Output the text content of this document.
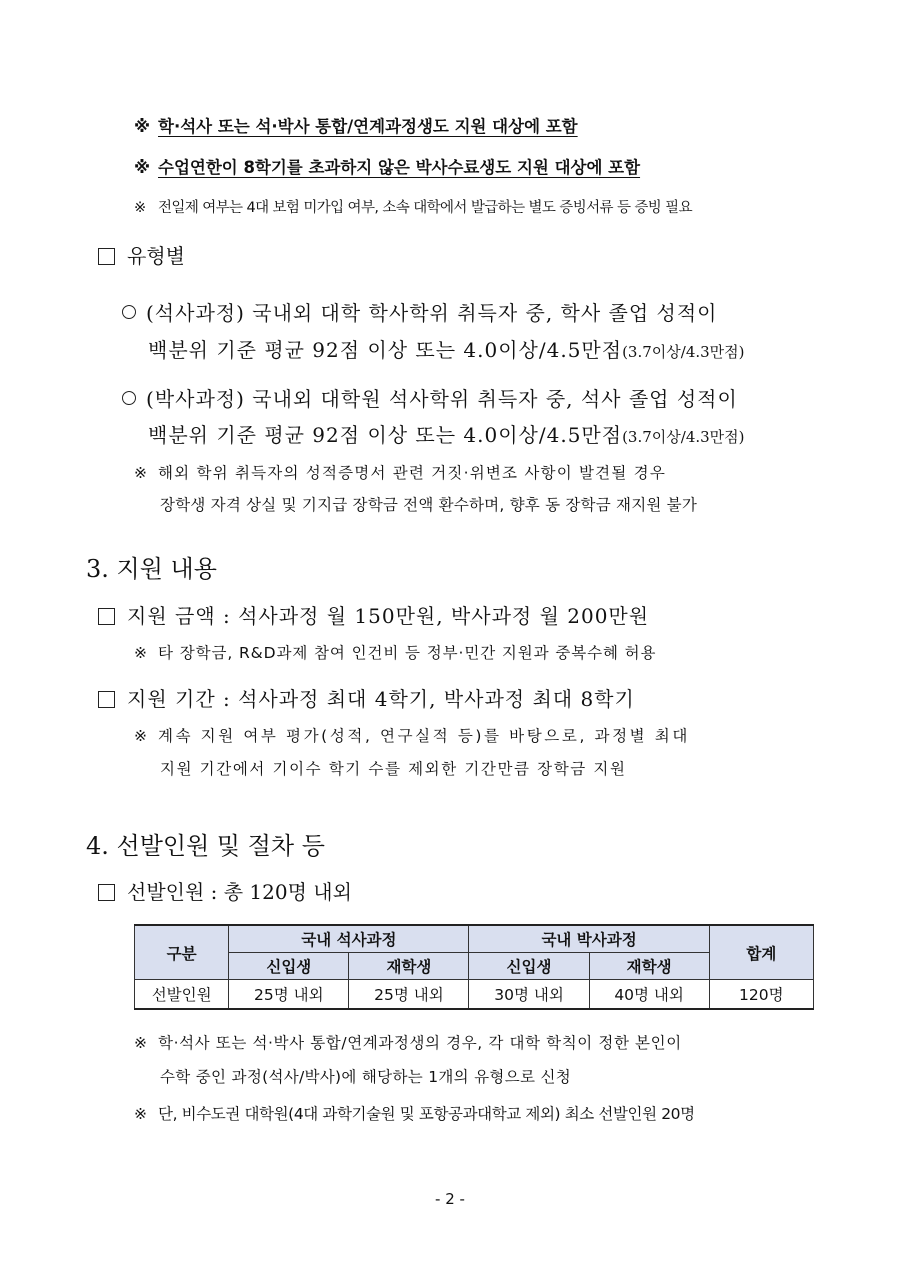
※ 학·석사 또는 석·박사 통합/연계과정생도 지원 대상에 포함
※ 수업연한이 8학기를 초과하지 않은 박사수료생도 지원 대상에 포함
※ 전일제 여부는 4대 보험 미가입 여부, 소속 대학에서 발급하는 별도 증빙서류 등 증빙 필요
유형별
(석사과정) 국내외 대학 학사학위 취득자 중, 학사 졸업 성적이
백분위 기준 평균 92점 이상 또는 4.0이상/4.5만점(3.7이상/4.3만점)
(박사과정) 국내외 대학원 석사학위 취득자 중, 석사 졸업 성적이
백분위 기준 평균 92점 이상 또는 4.0이상/4.5만점(3.7이상/4.3만점)
※ 해외 학위 취득자의 성적증명서 관련 거짓·위변조 사항이 발견될 경우
장학생 자격 상실 및 기지급 장학금 전액 환수하며, 향후 동 장학금 재지원 불가
3. 지원 내용
지원 금액 : 석사과정 월 150만원, 박사과정 월 200만원
※ 타 장학금, R&D과제 참여 인건비 등 정부·민간 지원과 중복수혜 허용
지원 기간 : 석사과정 최대 4학기, 박사과정 최대 8학기
※ 계속 지원 여부 평가(성적, 연구실적 등)를 바탕으로, 과정별 최대
지원 기간에서 기이수 학기 수를 제외한 기간만큼 장학금 지원
4. 선발인원 및 절차 등
선발인원 : 총 120명 내외
구분	국내 석사과정		국내 박사과정		합계
	신입생	재학생	신입생	재학생	
선발인원	25명 내외	25명 내외	30명 내외	40명 내외	120명
※ 학·석사 또는 석·박사 통합/연계과정생의 경우, 각 대학 학칙이 정한 본인이
수학 중인 과정(석사/박사)에 해당하는 1개의 유형으로 신청
※ 단, 비수도권 대학원(4대 과학기술원 및 포항공과대학교 제외) 최소 선발인원 20명
- 2 -
